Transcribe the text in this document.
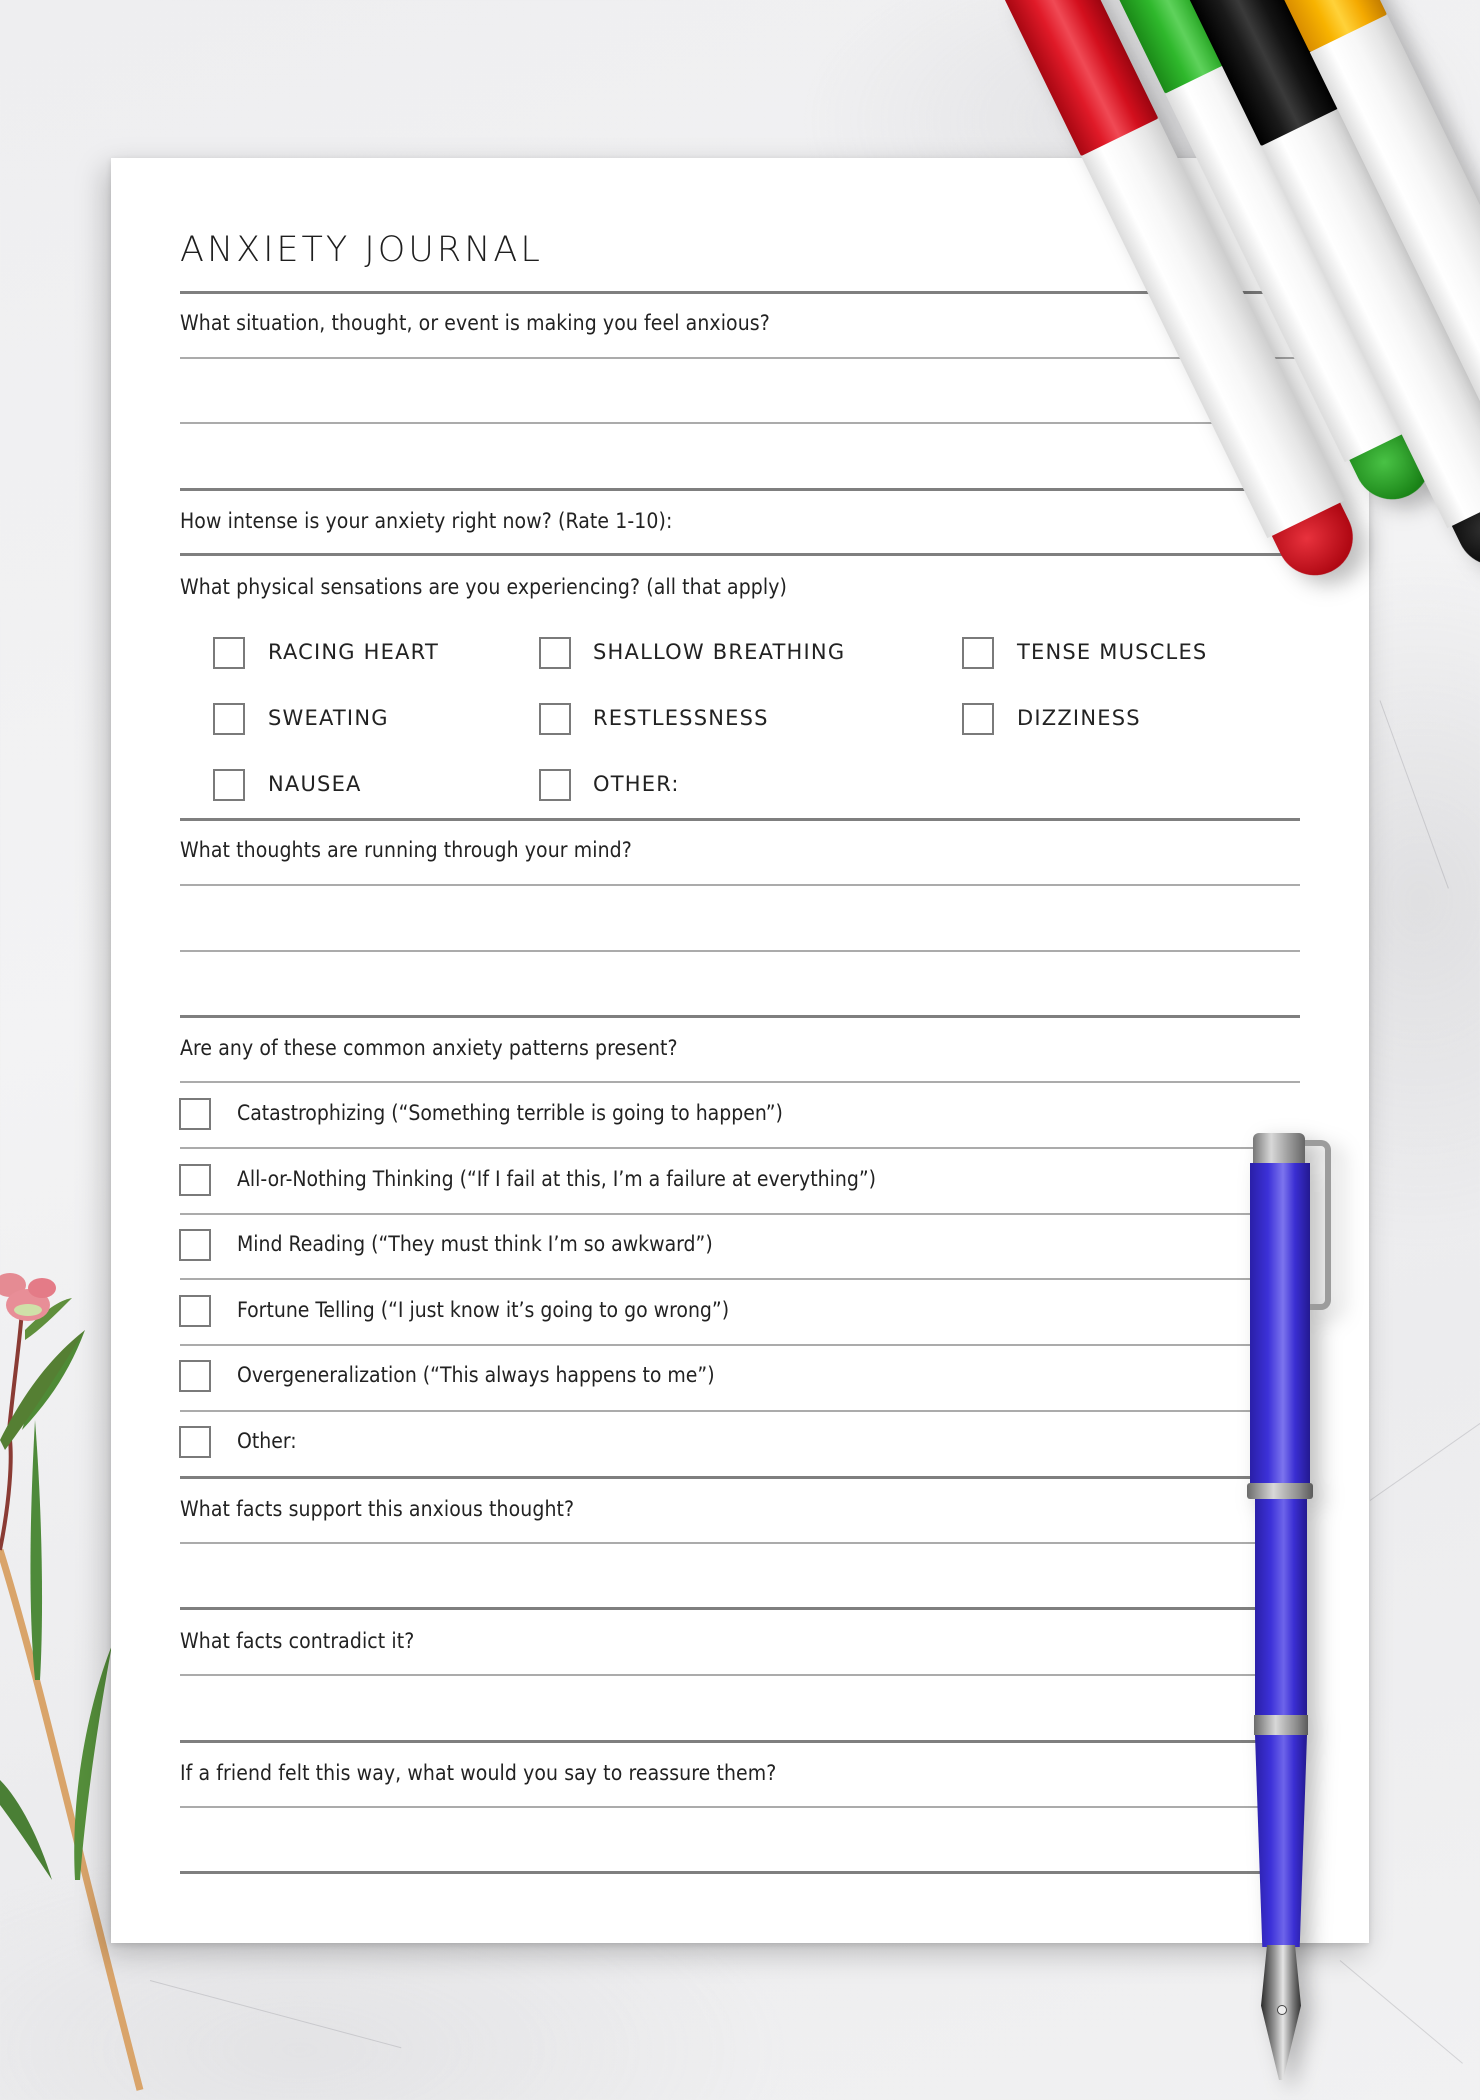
ANXIETY JOURNAL
What situation, thought, or event is making you feel anxious?
How intense is your anxiety right now? (Rate 1-10):
What physical sensations are you experiencing? (all that apply)
RACING HEART	SHALLOW BREATHING	TENSE MUSCLES
SWEATING	RESTLESSNESS	DIZZINESS
NAUSEA	OTHER:
What thoughts are running through your mind?
Are any of these common anxiety patterns present?
Catastrophizing (“Something terrible is going to happen”)
All-or-Nothing Thinking (“If I fail at this, I’m a failure at everything”)
Mind Reading (“They must think I’m so awkward”)
Fortune Telling (“I just know it’s going to go wrong”)
Overgeneralization (“This always happens to me”)
Other:
What facts support this anxious thought?
What facts contradict it?
If a friend felt this way, what would you say to reassure them?
